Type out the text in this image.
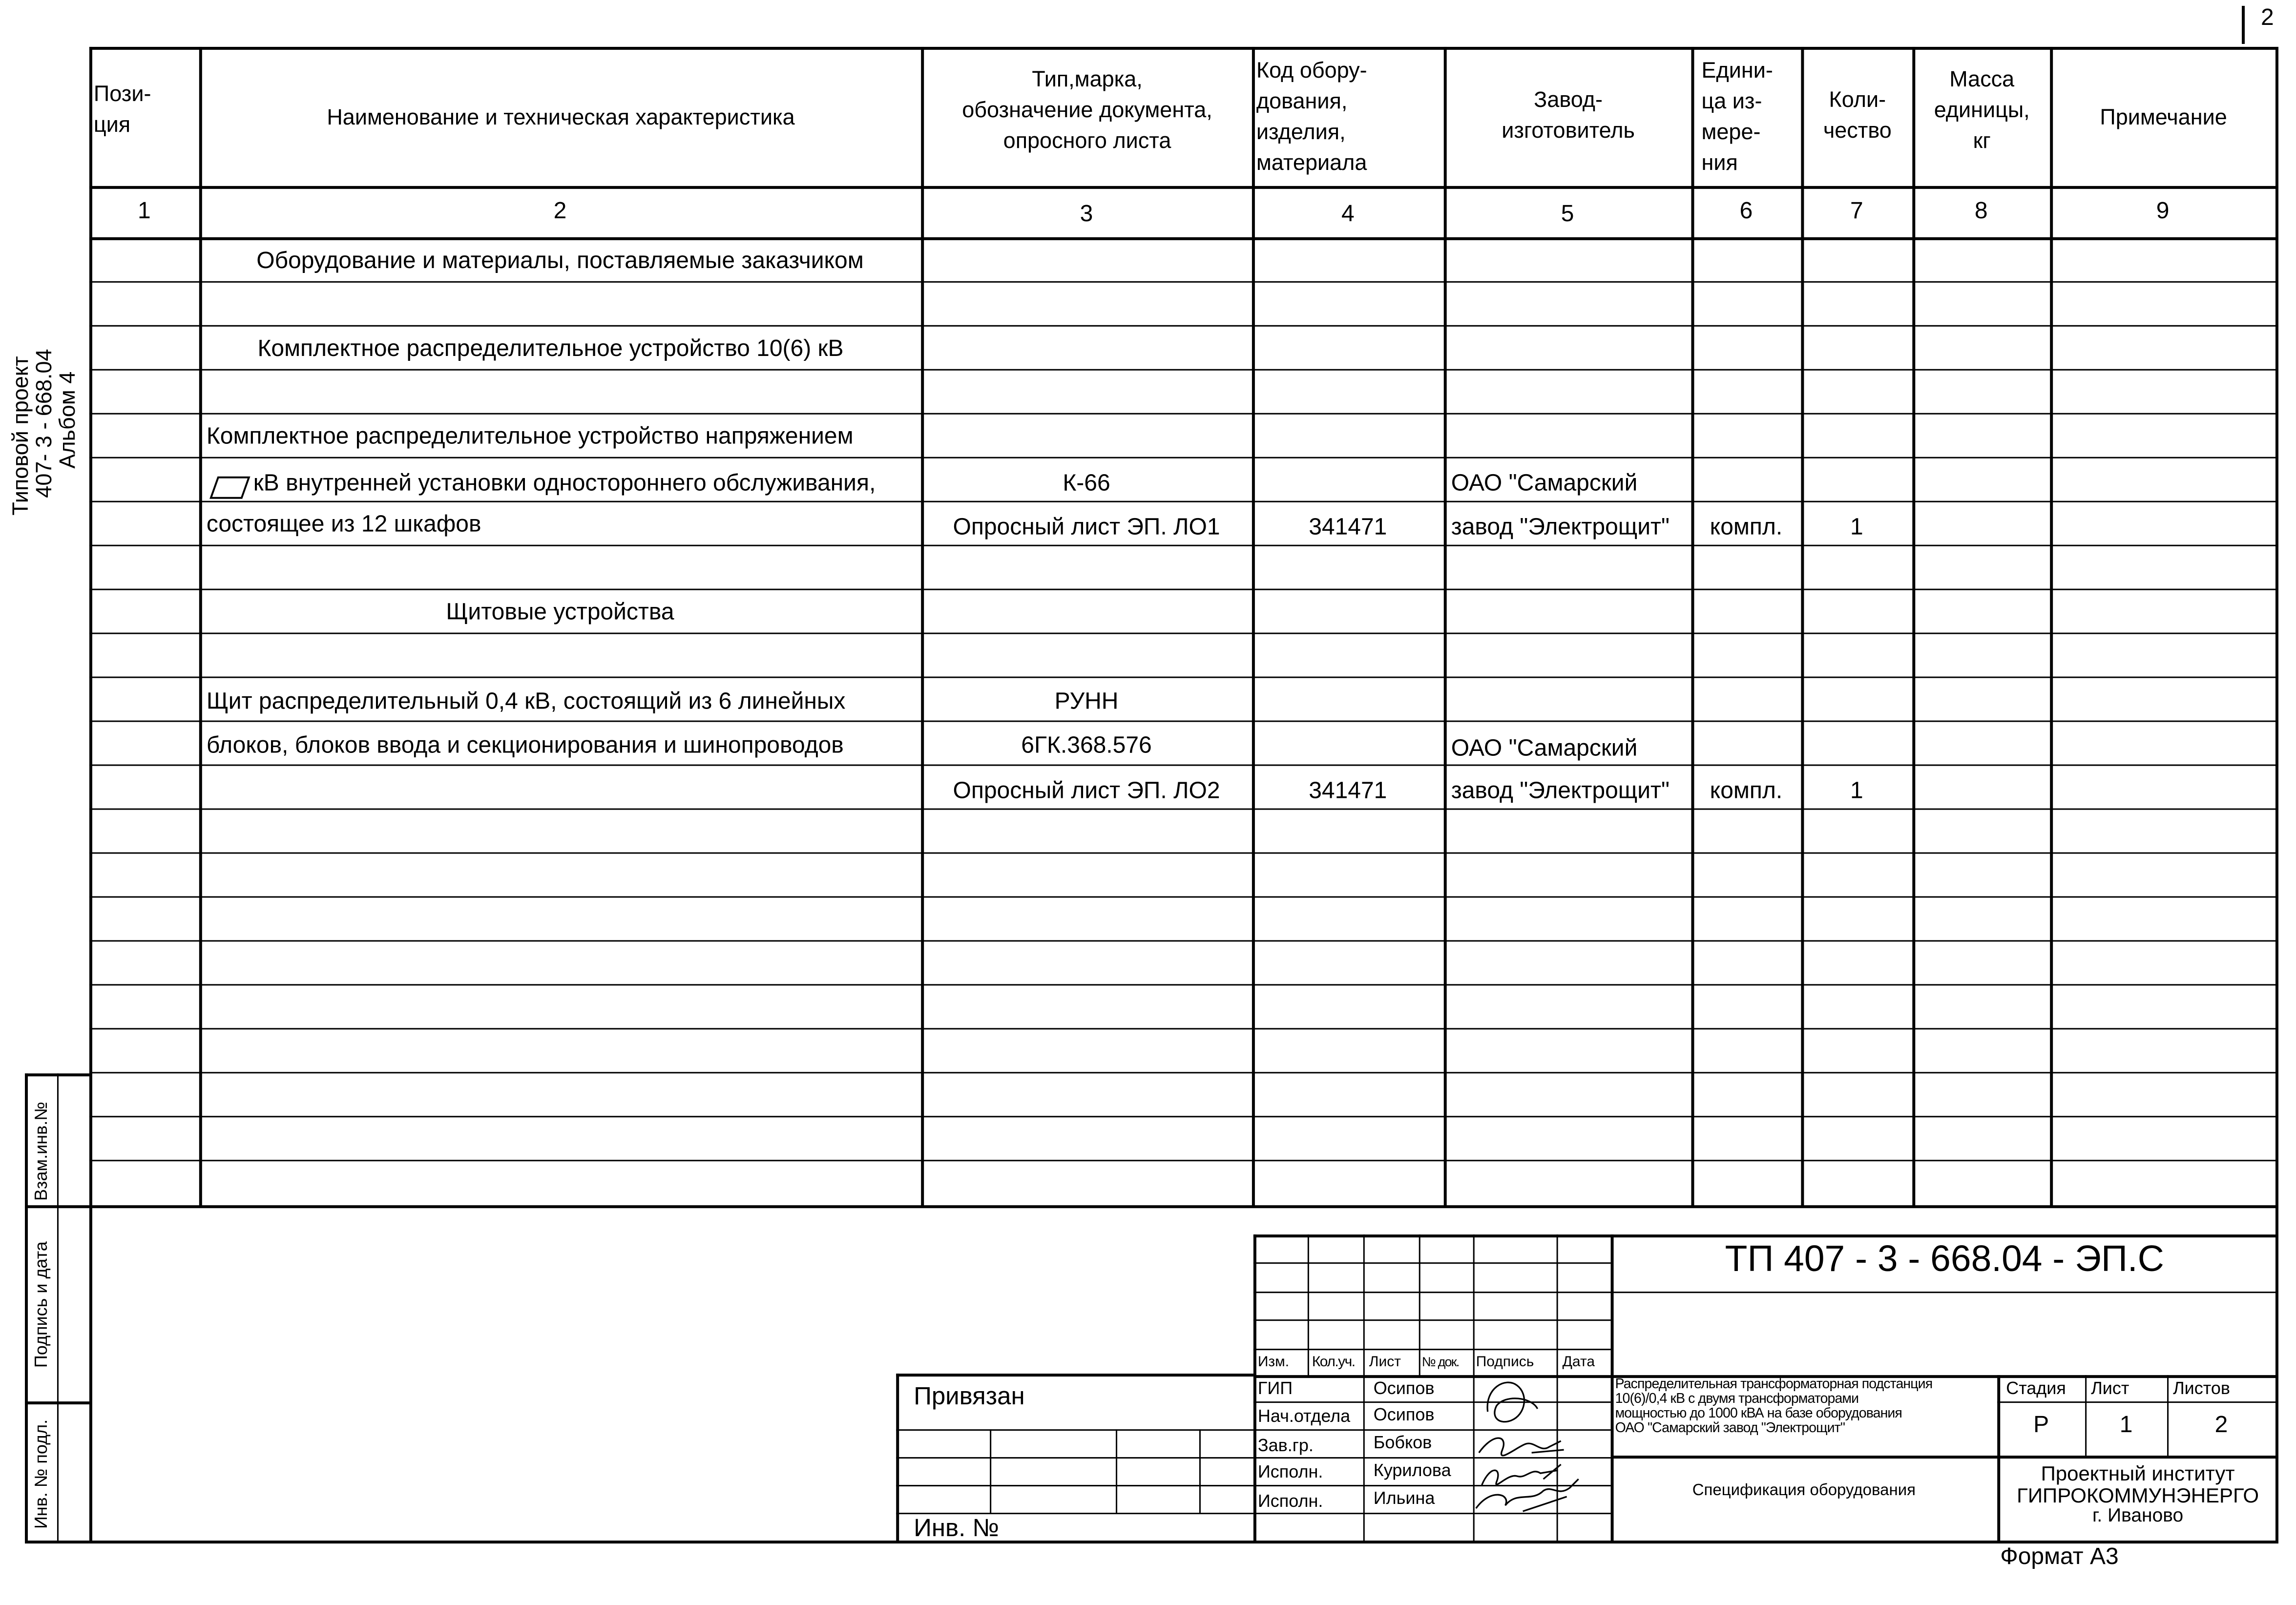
2
Типовой проект
407- 3 - 668.04
Альбом 4
Взам.инв.№
Подпись и дата
Инв. № подл.
Пози-
ция	Наименование и техническая характеристика
Тип,марка,
обозначение документа,
опросного листа
Код обору-
дования,
изделия,
материала
Завод-
изготовитель
Едини-
ца из-
мере-
ния
Коли-
чество
Масса
единицы,
кг
Примечание
1	2	3	4	5	6	7	8	9
Оборудование и материалы, поставляемые заказчиком
Комплектное распределительное устройство 10(6) кВ
Комплектное распределительное устройство напряжением
кВ внутренней установки одностороннего обслуживания,	К-66	ОАО "Самарский
состоящее из 12 шкафов	Опросный лист ЭП. ЛО1	341471	завод "Электрощит"	компл.	1
Щитовые устройства
Щит распределительный 0,4 кВ, состоящий из 6 линейных	РУНН
блоков, блоков ввода и секционирования и шинопроводов	6ГК.368.576	ОАО "Самарский
Опросный лист ЭП. ЛО2	341471	завод "Электрощит"	компл.	1
Изм.	Кол.уч.	Лист	№ док.	Подпись	Дата
ГИП	Осипов
Нач.отдела	Осипов
Зав.гр.	Бобков
Исполн.	Курилова
Исполн.	Ильина
ТП 407 - 3 - 668.04 - ЭП.С
Распределительная трансформаторная подстанция
10(6)/0,4 кВ с двумя трансформаторами
мощностью до 1000 кВА на базе оборудования
ОАО "Самарский завод "Электрощит"
Стадия	Лист	Листов
Р	1	2
Спецификация оборудования
Проектный институт
ГИПРОКОММУНЭНЕРГО
г. Иваново
Привязан
Инв. №
Формат А3
